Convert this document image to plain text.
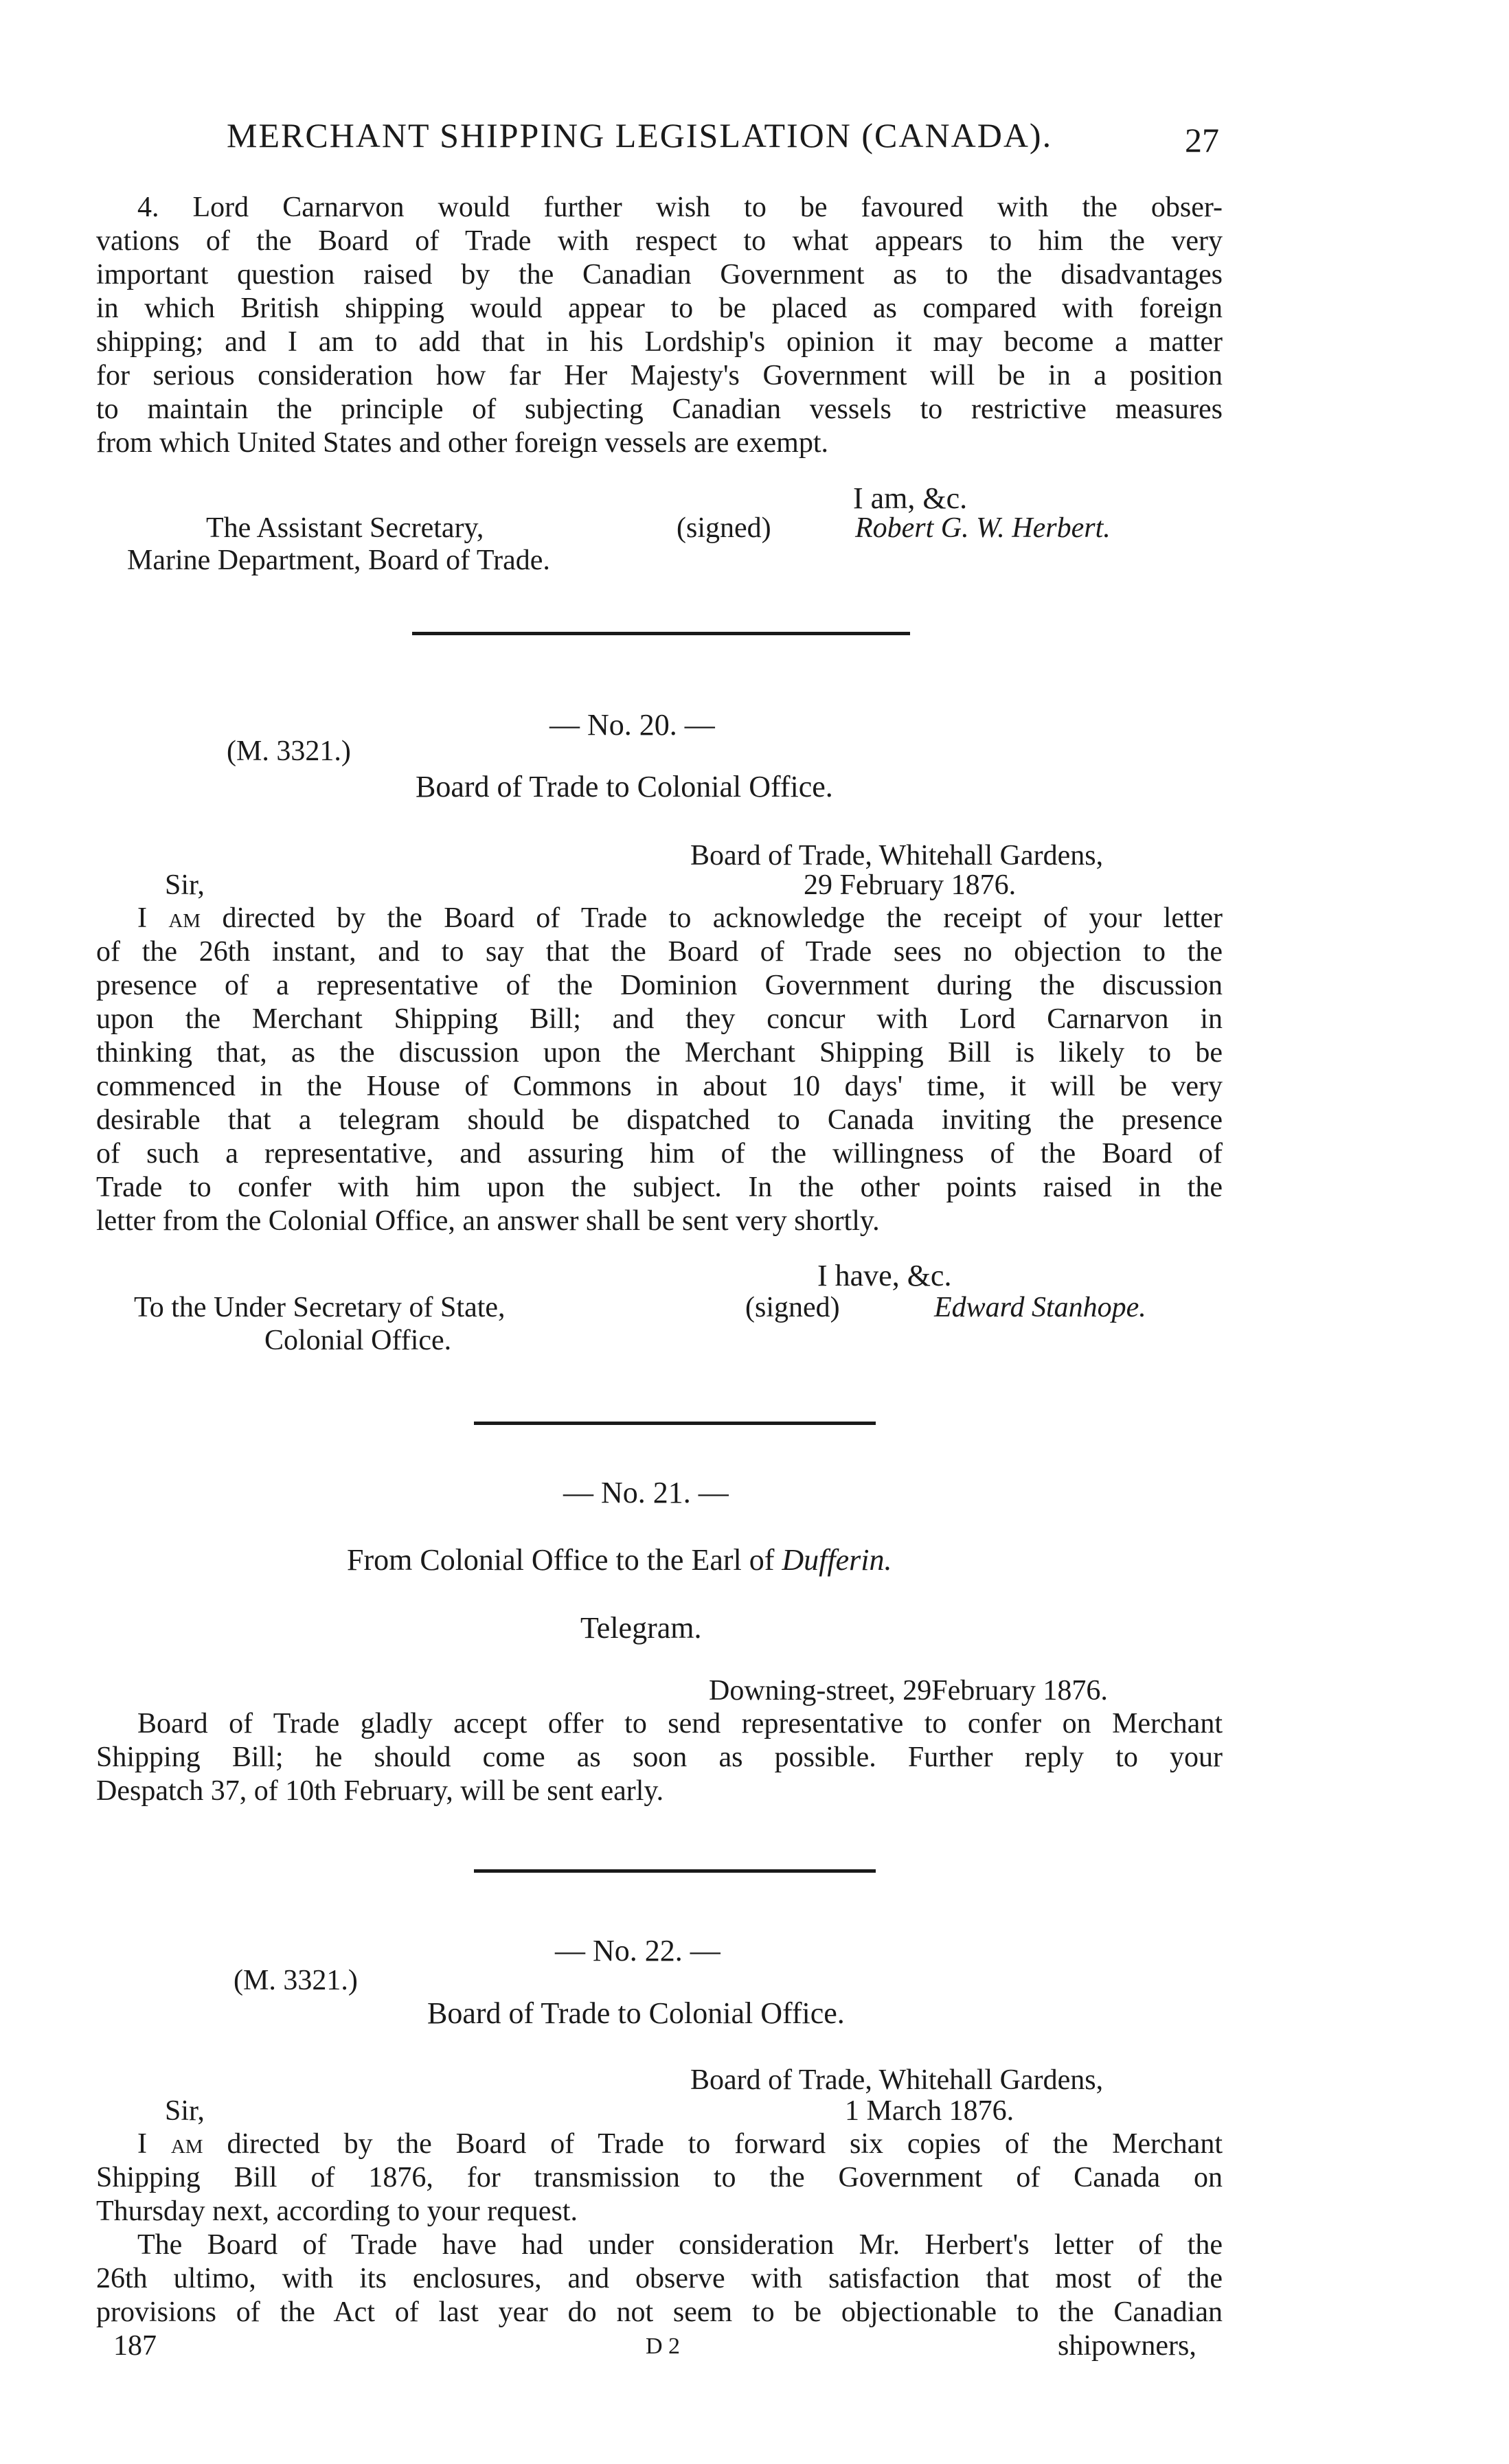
MERCHANT SHIPPING LEGISLATION (CANADA).	27
4. Lord Carnarvon would further wish to be favoured with the obser-
vations of the Board of Trade with respect to what appears to him the very
important question raised by the Canadian Government as to the disadvantages
in which British shipping would appear to be placed as compared with foreign
shipping; and I am to add that in his Lordship's opinion it may become a matter
for serious consideration how far Her Majesty's Government will be in a position
to maintain the principle of subjecting Canadian vessels to restrictive measures
from which United States and other foreign vessels are exempt.
I am, &c.
The Assistant Secretary,	(signed)	Robert G. W. Herbert.
Marine Department, Board of Trade.
— No. 20. —
(M. 3321.)
Board of Trade to Colonial Office.
Board of Trade, Whitehall Gardens,
Sir,	29 February 1876.
I am directed by the Board of Trade to acknowledge the receipt of your letter
of the 26th instant, and to say that the Board of Trade sees no objection to the
presence of a representative of the Dominion Government during the discussion
upon the Merchant Shipping Bill; and they concur with Lord Carnarvon in
thinking that, as the discussion upon the Merchant Shipping Bill is likely to be
commenced in the House of Commons in about 10 days' time, it will be very
desirable that a telegram should be dispatched to Canada inviting the presence
of such a representative, and assuring him of the willingness of the Board of
Trade to confer with him upon the subject. In the other points raised in the
letter from the Colonial Office, an answer shall be sent very shortly.
I have, &c.
To the Under Secretary of State,	(signed)	Edward Stanhope.
Colonial Office.
— No. 21. —
From Colonial Office to the Earl of Dufferin.
Telegram.
Downing-street, 29February 1876.
Board of Trade gladly accept offer to send representative to confer on Merchant
Shipping Bill; he should come as soon as possible. Further reply to your
Despatch 37, of 10th February, will be sent early.
— No. 22. —
(M. 3321.)
Board of Trade to Colonial Office.
Board of Trade, Whitehall Gardens,
Sir,	1 March 1876.
I am directed by the Board of Trade to forward six copies of the Merchant
Shipping Bill of 1876, for transmission to the Government of Canada on
Thursday next, according to your request.
The Board of Trade have had under consideration Mr. Herbert's letter of the
26th ultimo, with its enclosures, and observe with satisfaction that most of the
provisions of the Act of last year do not seem to be objectionable to the Canadian
187	D 2	shipowners,
